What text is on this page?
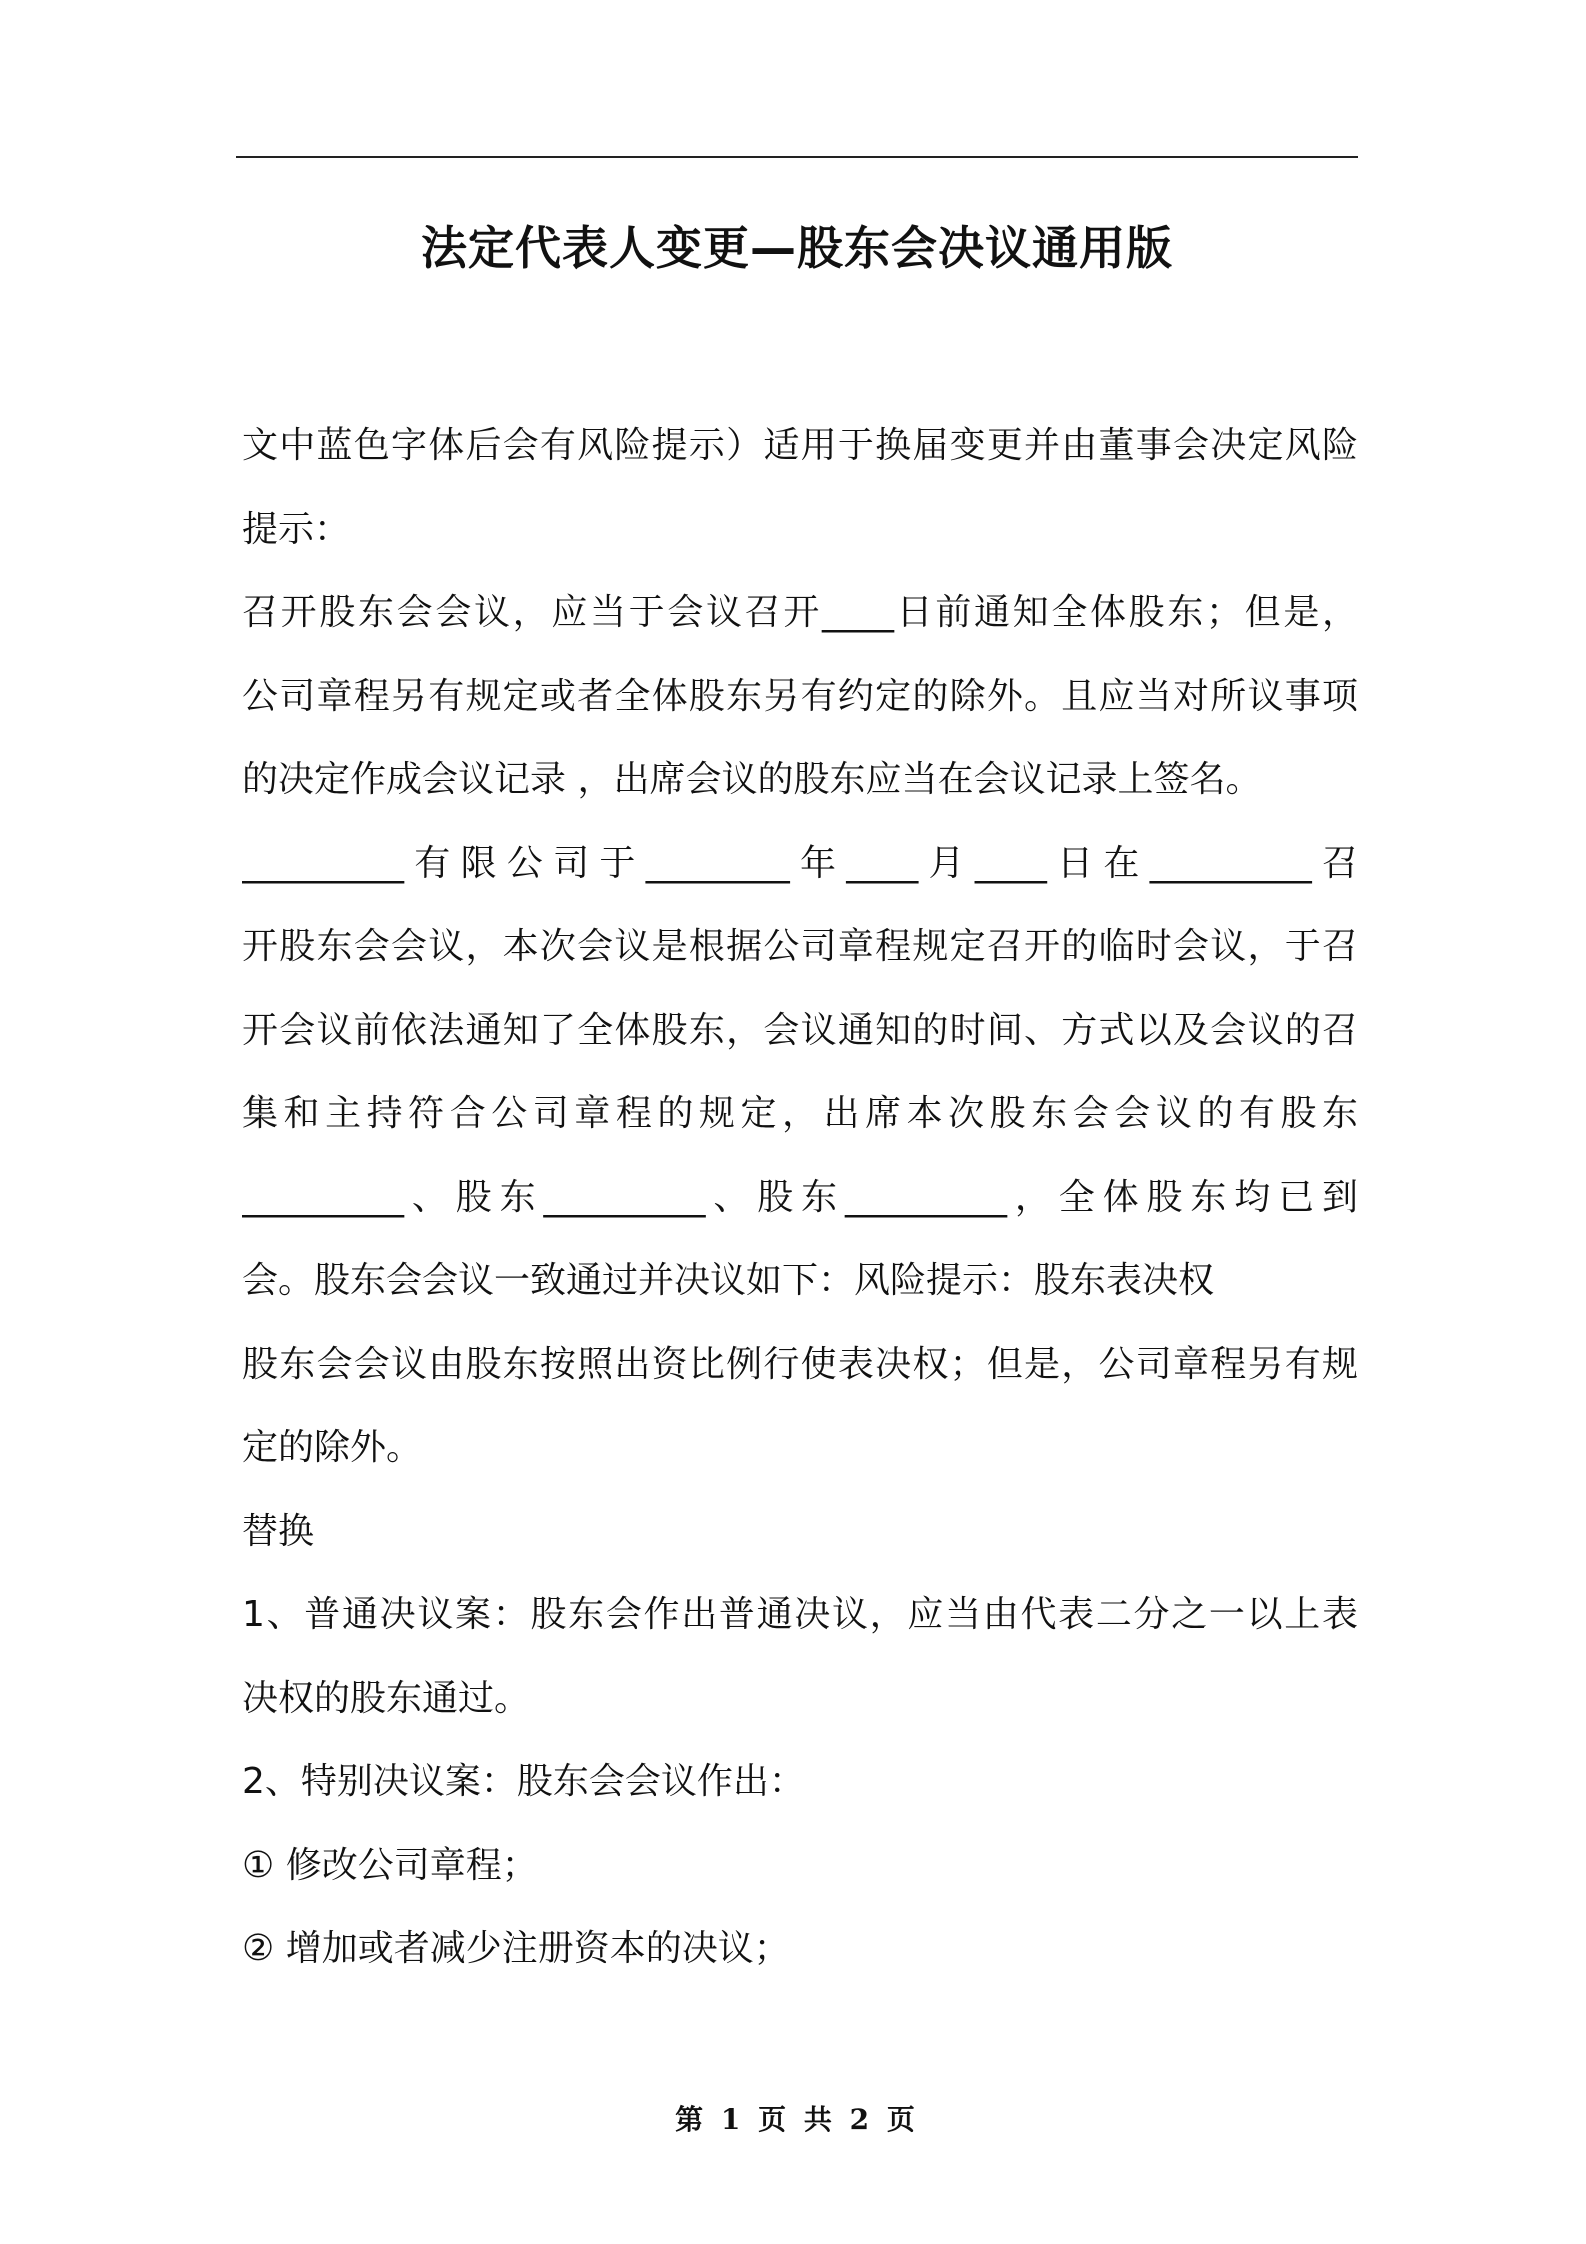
法定代表人变更—股东会决议通用版
文中蓝色字体后会有风险提示）适用于换届变更并由董事会决定风险
提示：
召开股东会会议，应当于会议召开____日前通知全体股东；但是，
公司章程另有规定或者全体股东另有约定的除外。且应当对所议事项
的决定作成会议记录 ，出席会议的股东应当在会议记录上签名。
_________有限公司于________年____月____日在_________召
开股东会会议，本次会议是根据公司章程规定召开的临时会议，于召
开会议前依法通知了全体股东，会议通知的时间、方式以及会议的召
集和主持符合公司章程的规定，出席本次股东会会议的有股东
_________、股东_________、股东_________，全体股东均已到
会。股东会会议一致通过并决议如下：风险提示：股东表决权
股东会会议由股东按照出资比例行使表决权；但是，公司章程另有规
定的除外。
替换
1、普通决议案：股东会作出普通决议，应当由代表二分之一以上表
决权的股东通过。
2、特别决议案：股东会会议作出：
① 修改公司章程；
② 增加或者减少注册资本的决议；
第 1 页 共 2 页
